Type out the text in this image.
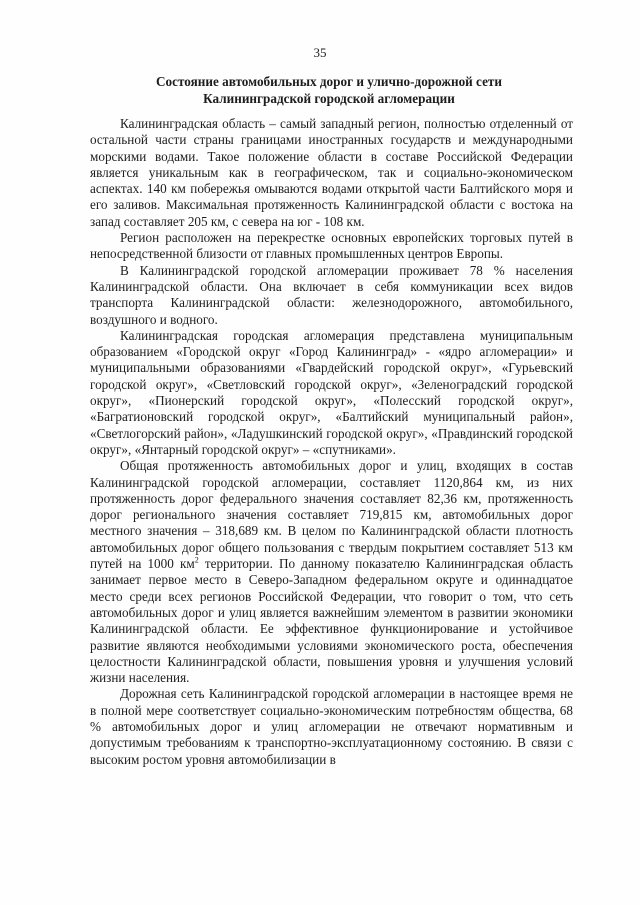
35
Состояние автомобильных дорог и улично-дорожной сети
Калининградской городской агломерации

Калининградская область – самый западный регион, полностью отделенный от остальной части страны границами иностранных государств и международными морскими водами. Такое положение области в составе Российской Федерации является уникальным как в географическом, так и социально-экономическом аспектах. 140 км побережья омываются водами открытой части Балтийского моря и его заливов. Максимальная протяженность Калининградской области с востока на запад составляет 205 км, с севера на юг - 108 км.

Регион расположен на перекрестке основных европейских торговых путей в непосредственной близости от главных промышленных центров Европы.

В Калининградской городской агломерации проживает 78 % населения Калининградской области. Она включает в себя коммуникации всех видов транспорта Калининградской области: железнодорожного, автомобильного, воздушного и водного.

Калининградская городская агломерация представлена муниципальным образованием «Городской округ «Город Калининград» - «ядро агломерации» и муниципальными образованиями «Гвардейский городской округ», «Гурьевский городской округ», «Светловский городской округ», «Зеленоградский городской округ», «Пионерский городской округ», «Полесский городской округ», «Багратионовский городской округ», «Балтийский муниципальный район», «Светлогорский район», «Ладушкинский городской округ», «Правдинский городской округ», «Янтарный городской округ» – «спутниками».

Общая протяженность автомобильных дорог и улиц, входящих в состав Калининградской городской агломерации, составляет 1120,864 км, из них протяженность дорог федерального значения составляет 82,36 км, протяженность дорог регионального значения составляет 719,815 км, автомобильных дорог местного значения – 318,689 км. В целом по Калининградской области плотность автомобильных дорог общего пользования с твердым покрытием составляет 513 км путей на 1000 $км^2$ территории. По данному показателю Калининградская область занимает первое место в Северо-Западном федеральном округе и одиннадцатое место среди всех регионов Российской Федерации, что говорит о том, что сеть автомобильных дорог и улиц является важнейшим элементом в развитии экономики Калининградской области. Ее эффективное функционирование и устойчивое развитие являются необходимыми условиями экономического роста, обеспечения целостности Калининградской области, повышения уровня и улучшения условий жизни населения.

Дорожная сеть Калининградской городской агломерации в настоящее время не в полной мере соответствует социально-экономическим потребностям общества, 68 % автомобильных дорог и улиц агломерации не отвечают нормативным и допустимым требованиям к транспортно-эксплуатационному состоянию. В связи с высоким ростом уровня автомобилизации в
